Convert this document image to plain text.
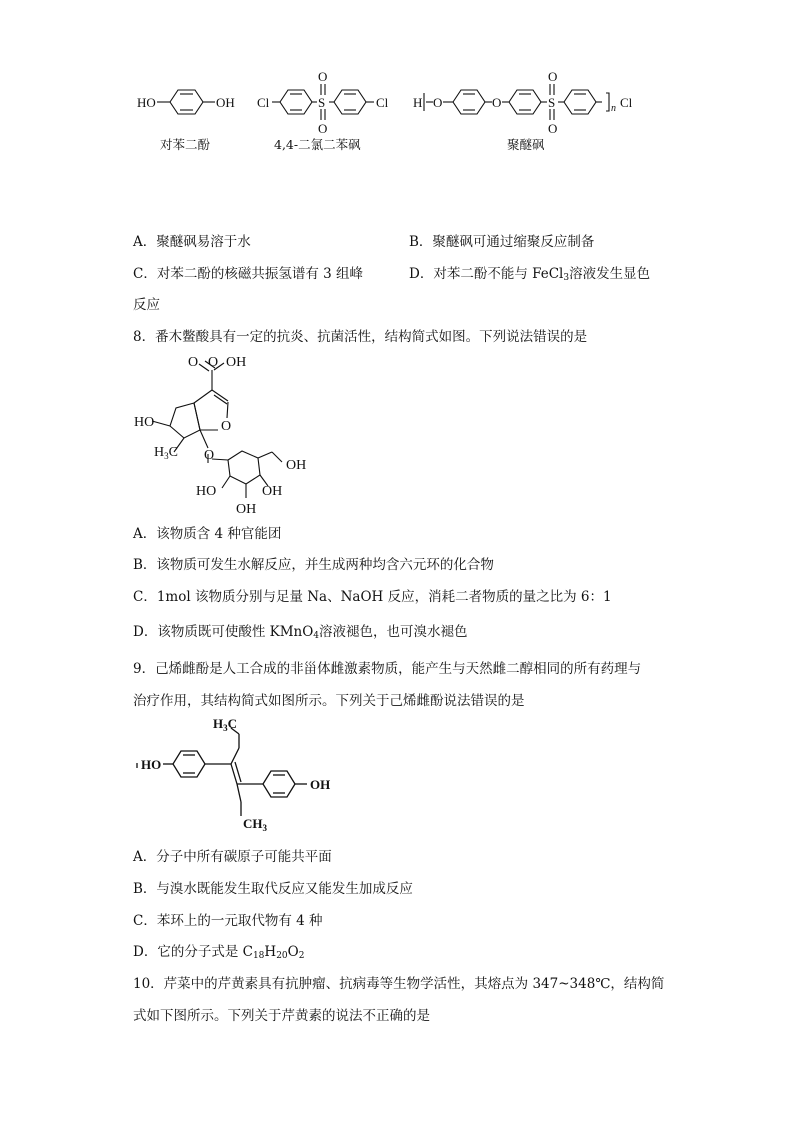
HO	OH Cl	S
O
O
Cl H O	O	S
O
O
n Cl
对苯二酚	4,4-二氯二苯砜	聚醚砜
A．聚醚砜易溶于水	B．聚醚砜可通过缩聚反应制备
C．对苯二酚的核磁共振氢谱有 3 组峰	D．对苯二酚不能与 FeCl$_3$溶液发生显色
反应
8．番木鳖酸具有一定的抗炎、抗菌活性，结构简式如图。下列说法错误的是
O
O OH
O
HO
$H_3C$ O
OH
HO	OH
OH
A．该物质含 4 种官能团
B．该物质可发生水解反应，并生成两种均含六元环的化合物
C．1mol 该物质分别与足量 Na、NaOH 反应，消耗二者物质的量之比为 6：1
D．该物质既可使酸性 KMnO$_4$溶液褪色，也可溴水褪色
9．己烯雌酚是人工合成的非甾体雌激素物质，能产生与天然雌二醇相同的所有药理与
治疗作用，其结构简式如图所示。下列关于己烯雌酚说法错误的是
HO
OH
$H_3C$
$CH_3$
A．分子中所有碳原子可能共平面
B．与溴水既能发生取代反应又能发生加成反应
C．苯环上的一元取代物有 4 种
D．它的分子式是 $C_{18}H_{20}O_2$
10．芹菜中的芹黄素具有抗肿瘤、抗病毒等生物学活性，其熔点为 347~348℃，结构简
式如下图所示。下列关于芹黄素的说法不正确的是
